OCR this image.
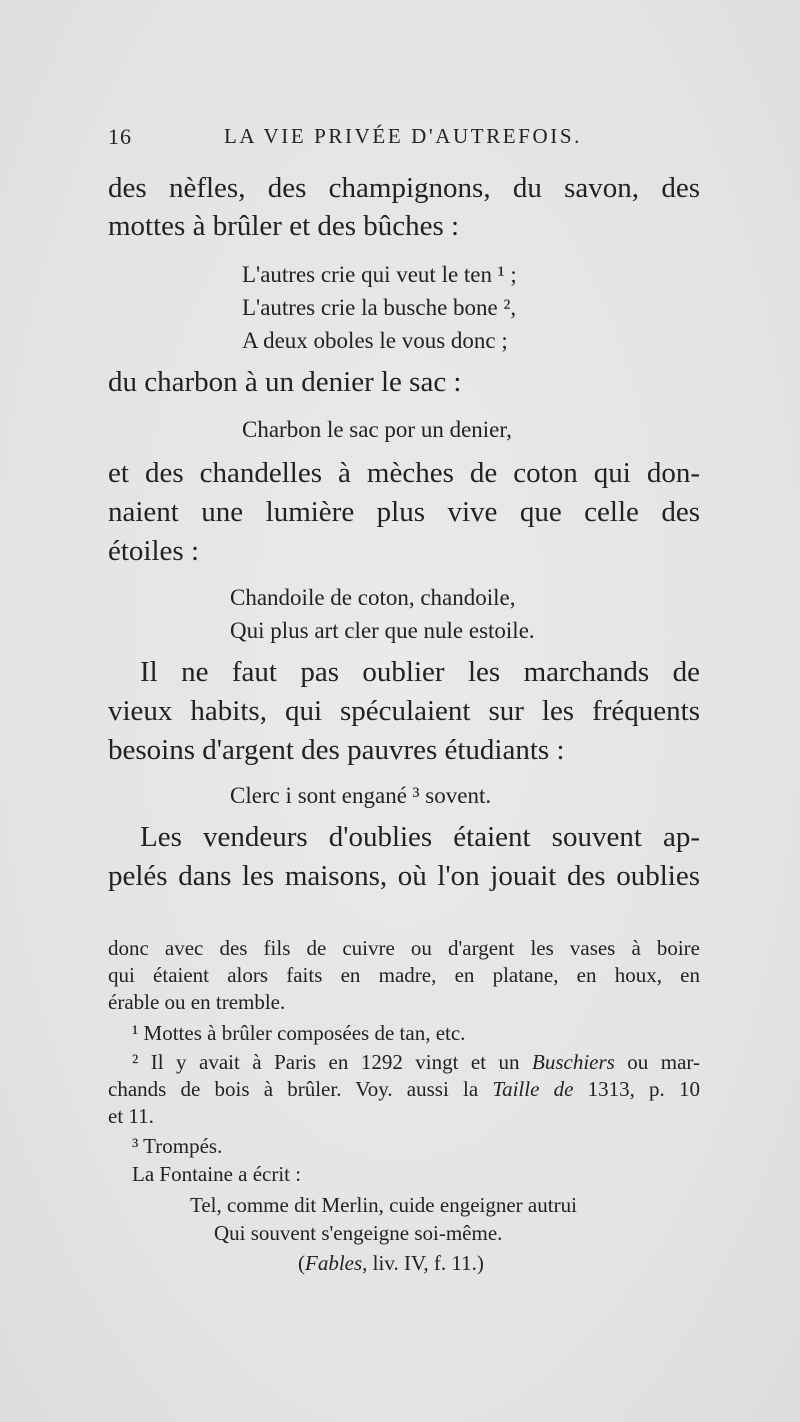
16	LA VIE PRIVÉE D'AUTREFOIS.
des nèfles, des champignons, du savon, des
mottes à brûler et des bûches :
L'autres crie qui veut le ten ¹ ;
L'autres crie la busche bone ²,
A deux oboles le vous donc ;
du charbon à un denier le sac :
Charbon le sac por un denier,
et des chandelles à mèches de coton qui don-
naient une lumière plus vive que celle des
étoiles :
Chandoile de coton, chandoile,
Qui plus art cler que nule estoile.
Il ne faut pas oublier les marchands de
vieux habits, qui spéculaient sur les fréquents
besoins d'argent des pauvres étudiants :
Clerc i sont engané ³ sovent.
Les vendeurs d'oublies étaient souvent ap-
pelés dans les maisons, où l'on jouait des oublies
donc avec des fils de cuivre ou d'argent les vases à boire
qui étaient alors faits en madre, en platane, en houx, en
érable ou en tremble.
¹ Mottes à brûler composées de tan, etc.
² Il y avait à Paris en 1292 vingt et un Buschiers ou mar-
chands de bois à brûler. Voy. aussi la Taille de 1313, p. 10
et 11.
³ Trompés.
La Fontaine a écrit :
Tel, comme dit Merlin, cuide engeigner autrui
Qui souvent s'engeigne soi-même.
(Fables, liv. IV, f. 11.)
